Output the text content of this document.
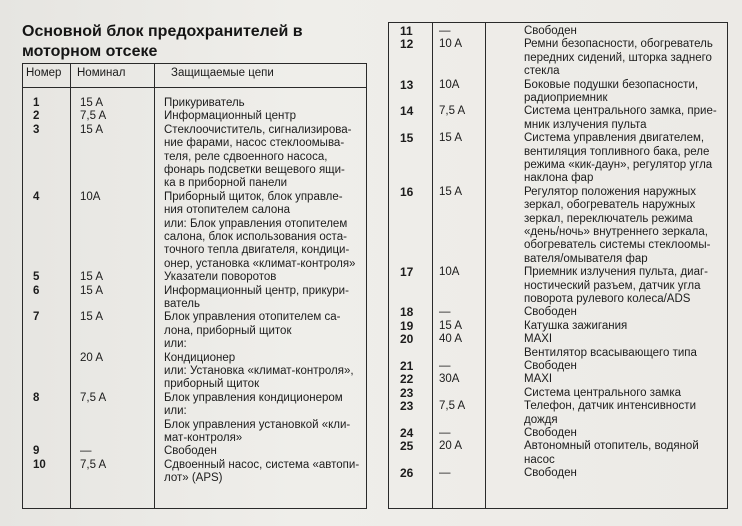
Основной блок предохранителей в
моторном отсеке
Номер Номинал	Защищаемые цепи
1	15 A	Прикуриватель
2	7,5 A	Информационный центр
3	15 A	Стеклоочиститель, сигнализирова-
ние фарами, насос стеклоомыва-
теля, реле сдвоенного насоса,
фонарь подсветки вещевого ящи-
ка в приборной панели
4	10A	Приборный щиток, блок управле-
ния отопителем салона
или: Блок управления отопителем
салона, блок использования оста-
точного тепла двигателя, кондици-
онер, установка «климат-контроля»
5	15 A	Указатели поворотов
6	15 A	Информационный центр, прикури-
ватель
7	15 A	Блок управления отопителем са-
лона, приборный щиток
или:
20 A	Кондиционер
или: Установка «климат-контроля»,
приборный щиток
8	7,5 A	Блок управления кондиционером
или:
Блок управления установкой «кли-
мат-контроля»
9	—	Свободен
10	7,5 A	Сдвоенный насос, система «автопи-
лот» (APS)
11 —	Свободен
12 10 A	Ремни безопасности, обогреватель
передних сидений, шторка заднего
стекла
13 10A	Боковые подушки безопасности,
радиоприемник
14 7,5 A	Система центрального замка, прие-
мник излучения пульта
15 15 A	Система управления двигателем,
вентиляция топливного бака, реле
режима «кик-даун», регулятор угла
наклона фар
16 15 A	Регулятор положения наружных
зеркал, обогреватель наружных
зеркал, переключатель режима
«день/ночь» внутреннего зеркала,
обогреватель системы стеклоомы-
вателя/омывателя фар
17 10A	Приемник излучения пульта, диаг-
ностический разъем, датчик угла
поворота рулевого колеса/ADS
18 —	Свободен
19 15 A	Катушка зажигания
20 40 A	MAXI
Вентилятор всасывающего типа
21 —	Свободен
22 30A	MAXI
23	Система центрального замка
23 7,5 A	Телефон, датчик интенсивности
дождя
24 —	Свободен
25 20 A	Автономный отопитель, водяной
насос
26 —	Свободен
